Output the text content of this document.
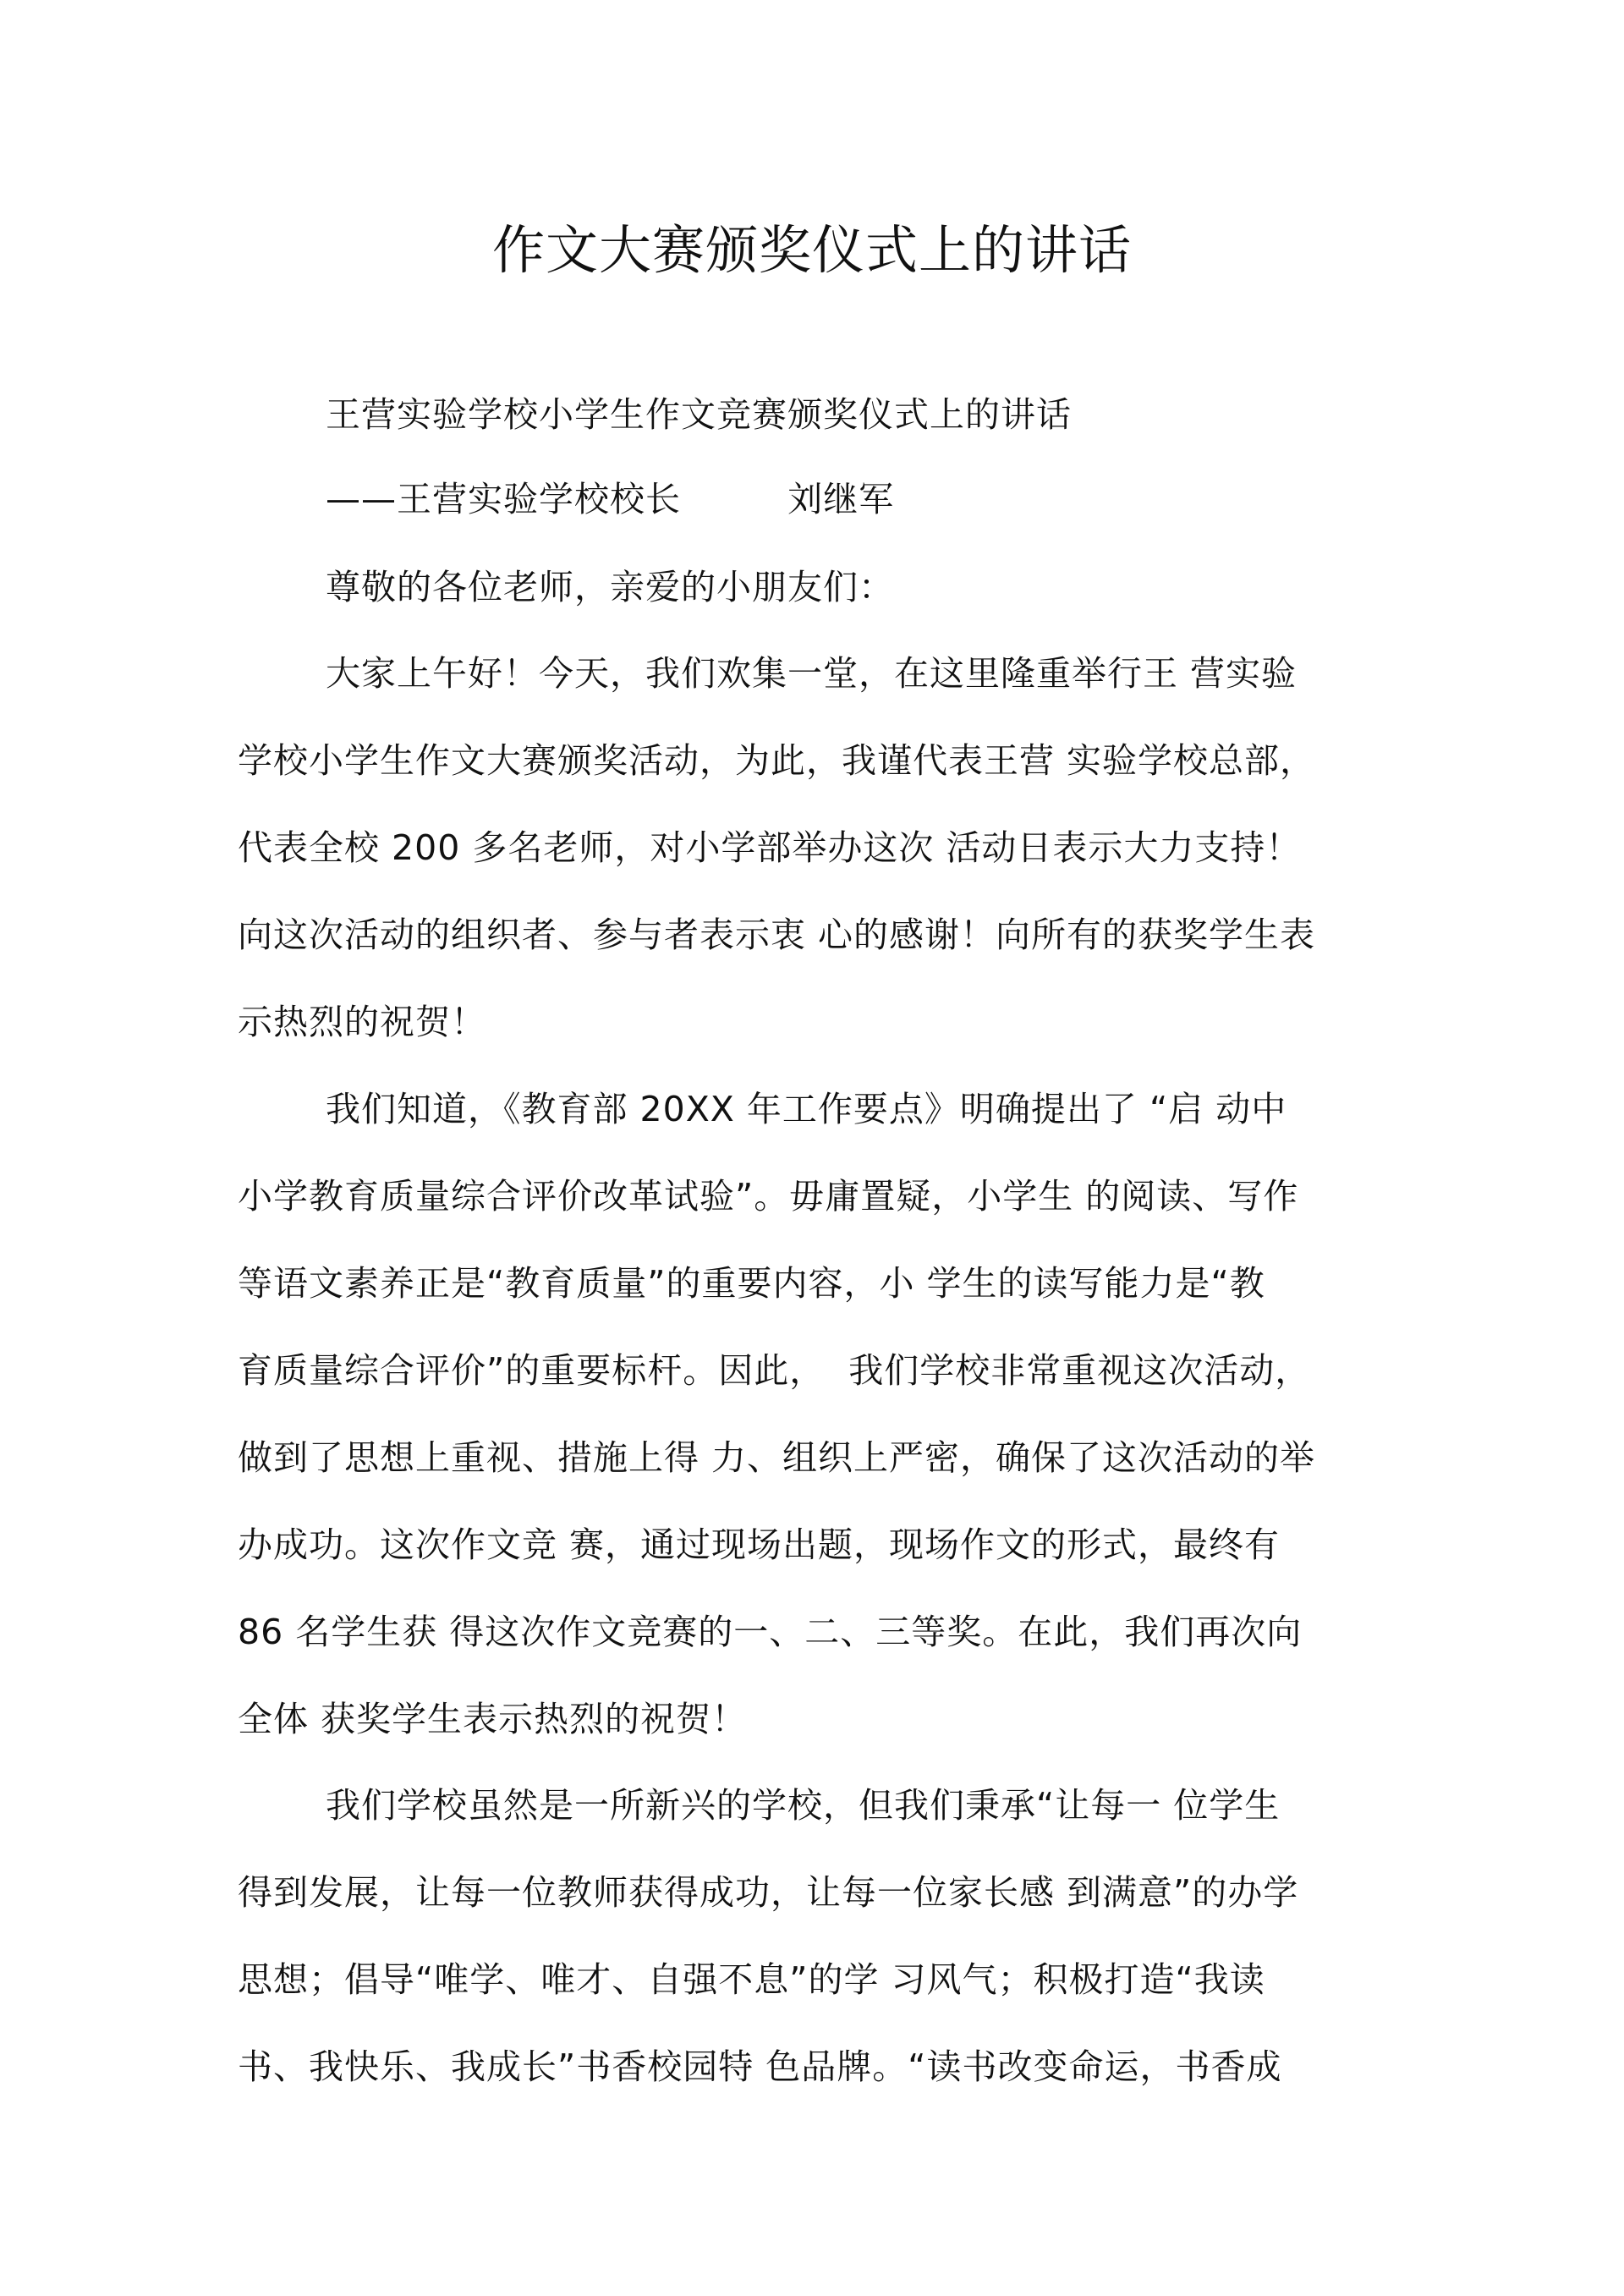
作文大赛颁奖仪式上的讲话
王营实验学校小学生作文竞赛颁奖仪式上的讲话
——王营实验学校校长         刘继军
尊敬的各位老师，亲爱的小朋友们：
大家上午好！今天，我们欢集一堂，在这里隆重举行王 营实验
学校小学生作文大赛颁奖活动，为此，我谨代表王营 实验学校总部，
代表全校 200 多名老师，对小学部举办这次 活动日表示大力支持！
向这次活动的组织者、参与者表示衷 心的感谢！向所有的获奖学生表
示热烈的祝贺！
我们知道，《教育部 20XX 年工作要点》明确提出了 “启 动中
小学教育质量综合评价改革试验”。毋庸置疑，小学生 的阅读、写作
等语文素养正是“教育质量”的重要内容，小 学生的读写能力是“教
育质量综合评价”的重要标杆。因此，  我们学校非常重视这次活动，
做到了思想上重视、措施上得 力、组织上严密，确保了这次活动的举
办成功。这次作文竞 赛，通过现场出题，现场作文的形式，最终有
86 名学生获 得这次作文竞赛的一、二、三等奖。在此，我们再次向
全体 获奖学生表示热烈的祝贺！
我们学校虽然是一所新兴的学校，但我们秉承“让每一 位学生
得到发展，让每一位教师获得成功，让每一位家长感 到满意”的办学
思想；倡导“唯学、唯才、自强不息”的学 习风气；积极打造“我读
书、我快乐、我成长”书香校园特 色品牌。“读书改变命运，书香成
